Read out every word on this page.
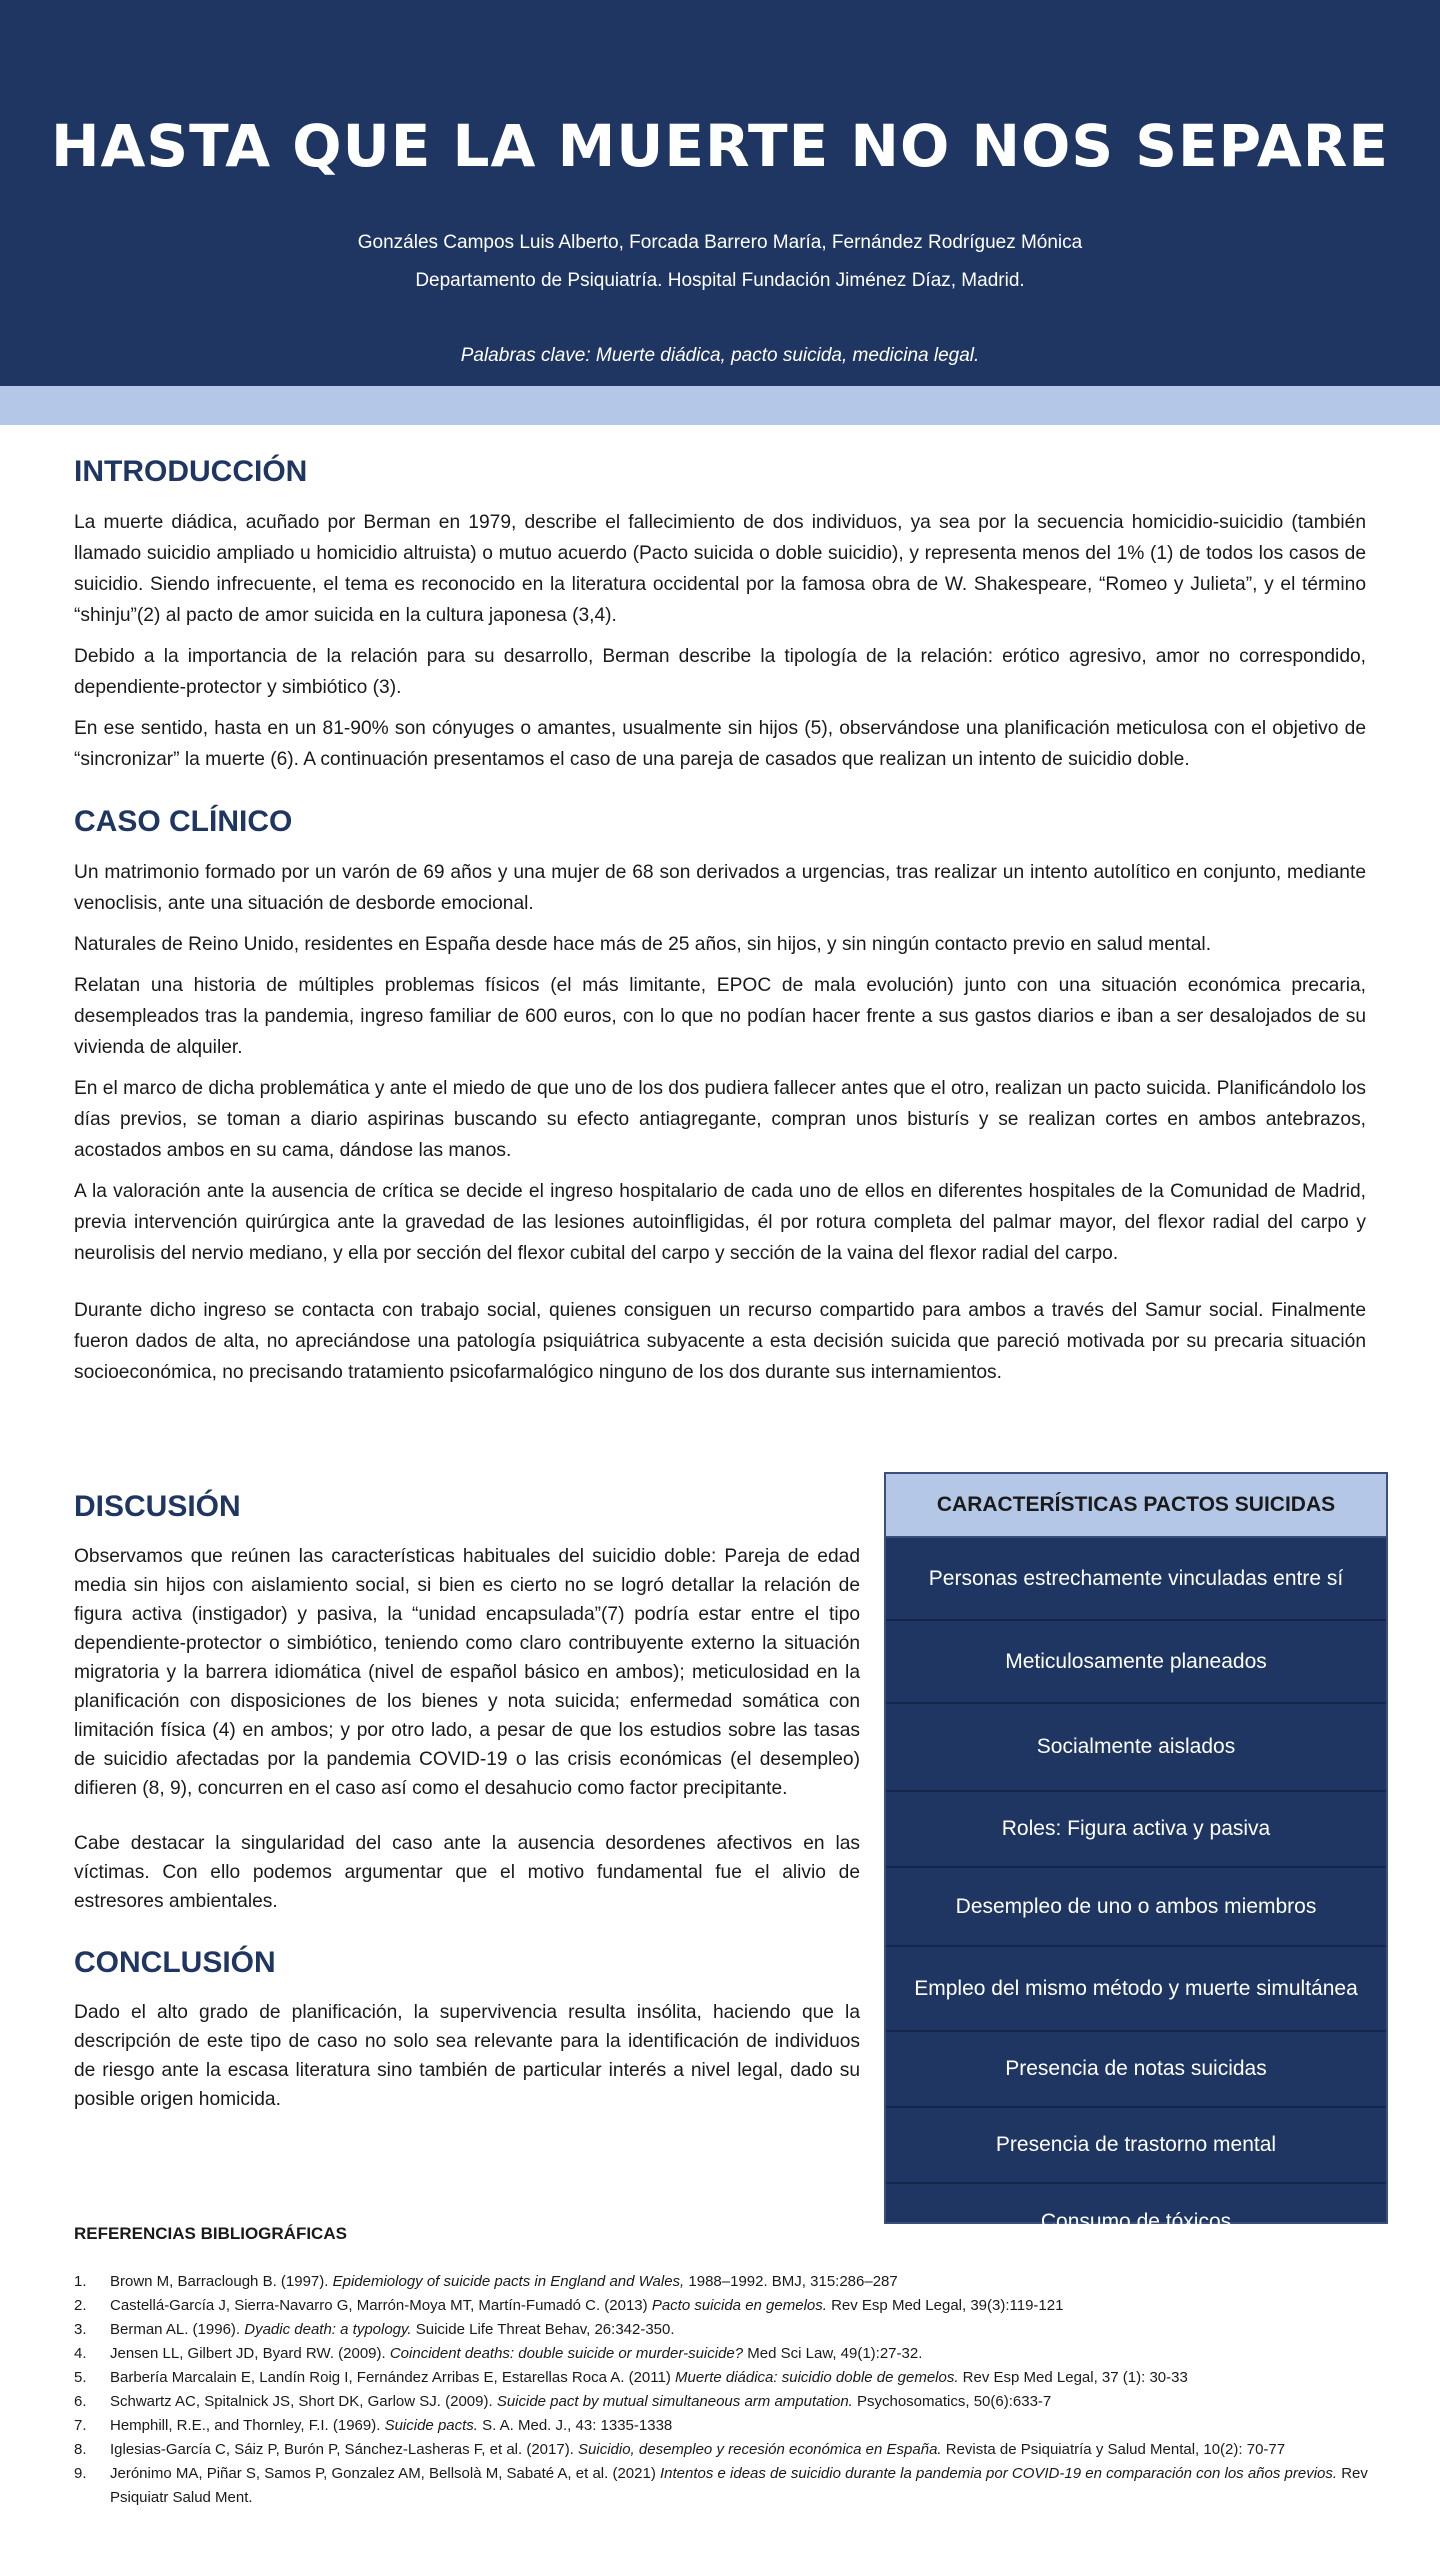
HASTA QUE LA MUERTE NO NOS SEPARE
Gonzáles Campos Luis Alberto, Forcada Barrero María, Fernández Rodríguez Mónica
Departamento de Psiquiatría. Hospital Fundación Jiménez Díaz, Madrid.
Palabras clave: Muerte diádica, pacto suicida, medicina legal.
INTRODUCCIÓN

La muerte diádica, acuñado por Berman en 1979, describe el fallecimiento de dos individuos, ya sea por la secuencia homicidio-suicidio (también llamado suicidio ampliado u homicidio altruista) o mutuo acuerdo (Pacto suicida o doble suicidio), y representa menos del 1% (1) de todos los casos de suicidio. Siendo infrecuente, el tema es reconocido en la literatura occidental por la famosa obra de W. Shakespeare, “Romeo y Julieta”, y el término “shinju”(2) al pacto de amor suicida en la cultura japonesa (3,4).

Debido a la importancia de la relación para su desarrollo, Berman describe la tipología de la relación: erótico agresivo, amor no correspondido, dependiente-protector y simbiótico (3).

En ese sentido, hasta en un 81-90% son cónyuges o amantes, usualmente sin hijos (5), observándose una planificación meticulosa con el objetivo de “sincronizar” la muerte (6). A continuación presentamos el caso de una pareja de casados que realizan un intento de suicidio doble.

CASO CLÍNICO

Un matrimonio formado por un varón de 69 años y una mujer de 68 son derivados a urgencias, tras realizar un intento autolítico en conjunto, mediante venoclisis, ante una situación de desborde emocional.

Naturales de Reino Unido, residentes en España desde hace más de 25 años, sin hijos, y sin ningún contacto previo en salud mental.

Relatan una historia de múltiples problemas físicos (el más limitante, EPOC de mala evolución) junto con una situación económica precaria, desempleados tras la pandemia, ingreso familiar de 600 euros, con lo que no podían hacer frente a sus gastos diarios e iban a ser desalojados de su vivienda de alquiler.

En el marco de dicha problemática y ante el miedo de que uno de los dos pudiera fallecer antes que el otro, realizan un pacto suicida. Planificándolo los días previos, se toman a diario aspirinas buscando su efecto antiagregante, compran unos bisturís y se realizan cortes en ambos antebrazos, acostados ambos en su cama, dándose las manos.

A la valoración ante la ausencia de crítica se decide el ingreso hospitalario de cada uno de ellos en diferentes hospitales de la Comunidad de Madrid, previa intervención quirúrgica ante la gravedad de las lesiones autoinfligidas, él por rotura completa del palmar mayor, del flexor radial del carpo y neurolisis del nervio mediano, y ella por sección del flexor cubital del carpo y sección de la vaina del flexor radial del carpo.

Durante dicho ingreso se contacta con trabajo social, quienes consiguen un recurso compartido para ambos a través del Samur social. Finalmente fueron dados de alta, no apreciándose una patología psiquiátrica subyacente a esta decisión suicida que pareció motivada por su precaria situación socioeconómica, no precisando tratamiento psicofarmalógico ninguno de los dos durante sus internamientos.

DISCUSIÓN

Observamos que reúnen las características habituales del suicidio doble: Pareja de edad media sin hijos con aislamiento social, si bien es cierto no se logró detallar la relación de figura activa (instigador) y pasiva, la “unidad encapsulada”(7) podría estar entre el tipo dependiente-protector o simbiótico, teniendo como claro contribuyente externo la situación migratoria y la barrera idiomática (nivel de español básico en ambos); meticulosidad en la planificación con disposiciones de los bienes y nota suicida; enfermedad somática con limitación física (4) en ambos; y por otro lado, a pesar de que los estudios sobre las tasas de suicidio afectadas por la pandemia COVID-19 o las crisis económicas (el desempleo) difieren (8, 9), concurren en el caso así como el desahucio como factor precipitante.

Cabe destacar la singularidad del caso ante la ausencia desordenes afectivos en las víctimas. Con ello podemos argumentar que el motivo fundamental fue el alivio de estresores ambientales.

CONCLUSIÓN

Dado el alto grado de planificación, la supervivencia resulta insólita, haciendo que la descripción de este tipo de caso no solo sea relevante para la identificación de individuos de riesgo ante la escasa literatura sino también de particular interés a nivel legal, dado su posible origen homicida.

CARACTERÍSTICAS PACTOS SUICIDAS
Personas estrechamente vinculadas entre sí
Meticulosamente planeados
Socialmente aislados
Roles: Figura activa y pasiva
Desempleo de uno o ambos miembros
Empleo del mismo método y muerte simultánea
Presencia de notas suicidas
Presencia de trastorno mental
Consumo de tóxicos
REFERENCIAS BIBLIOGRÁFICAS
1.	Brown M, Barraclough B. (1997). Epidemiology of suicide pacts in England and Wales, 1988–1992. BMJ, 315:286–287
2.	Castellá-García J, Sierra-Navarro G, Marrón-Moya MT, Martín-Fumadó C. (2013) Pacto suicida en gemelos. Rev Esp Med Legal, 39(3):119-121
3.	Berman AL. (1996). Dyadic death: a typology. Suicide Life Threat Behav, 26:342-350.
4.	Jensen LL, Gilbert JD, Byard RW. (2009). Coincident deaths: double suicide or murder-suicide? Med Sci Law, 49(1):27-32.
5.	Barbería Marcalain E, Landín Roig I, Fernández Arribas E, Estarellas Roca A. (2011) Muerte diádica: suicidio doble de gemelos. Rev Esp Med Legal, 37 (1): 30-33
6.	Schwartz AC, Spitalnick JS, Short DK, Garlow SJ. (2009). Suicide pact by mutual simultaneous arm amputation. Psychosomatics, 50(6):633-7
7.	Hemphill, R.E., and Thornley, F.I. (1969). Suicide pacts. S. A. Med. J., 43: 1335-1338
8.	Iglesias-García C, Sáiz P, Burón P, Sánchez-Lasheras F, et al. (2017). Suicidio, desempleo y recesión económica en España. Revista de Psiquiatría y Salud Mental, 10(2): 70-77
9.	Jerónimo MA, Piñar S, Samos P, Gonzalez AM, Bellsolà M, Sabaté A, et al. (2021) Intentos e ideas de suicidio durante la pandemia por COVID-19 en comparación con los años previos. Rev Psiquiatr Salud Ment.
